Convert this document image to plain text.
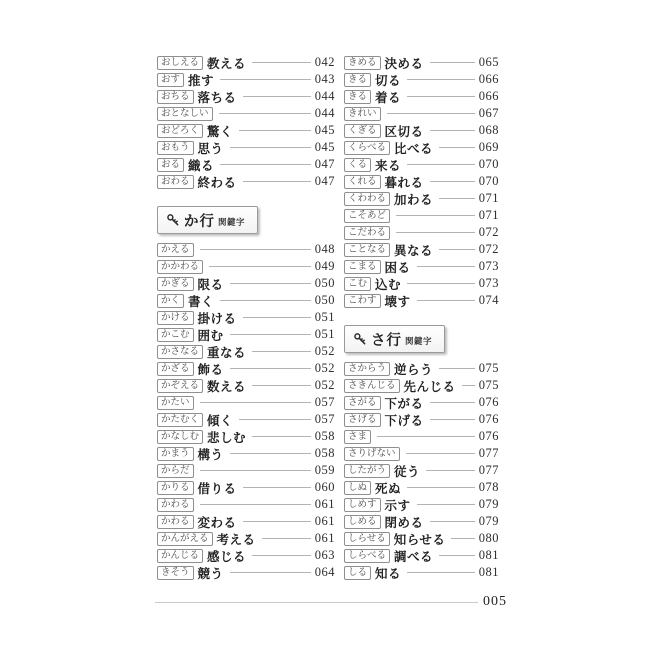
おしえる 教える	042
おす 推す	043
おちる 落ちる	044
おとなしい	044
おどろく 驚く	045
おもう 思う	045
おる 織る	047
おわる 終わる	047
か行 関鍵字
かえる	048
かかわる	049
かぎる 限る	050
かく 書く	050
かける 掛ける	051
かこむ 囲む	051
かさなる 重なる	052
かざる 飾る	052
かぞえる 数える	052
かたい	057
かたむく 傾く	057
かなしむ 悲しむ	058
かまう 構う	058
からだ	059
かりる 借りる	060
かわる	061
かわる 変わる	061
かんがえる 考える	061
かんじる 感じる	063
きそう 競う	064
きめる 決める	065
きる 切る	066
きる 着る	066
きれい	067
くぎる 区切る	068
くらべる 比べる	069
くる 来る	070
くれる 暮れる	070
くわわる 加わる	071
こそあど	071
こだわる	072
ことなる 異なる	072
こまる 困る	073
こむ 込む	073
こわす 壊す	074
さ行 関鍵字
さからう 逆らう	075
さきんじる 先んじる 075
さがる 下がる	076
さげる 下げる	076
さま	076
さりげない	077
したがう 従う	077
しぬ 死ぬ	078
しめす 示す	079
しめる 閉める	079
しらせる 知らせる	080
しらべる 調べる	081
しる 知る	081
005
